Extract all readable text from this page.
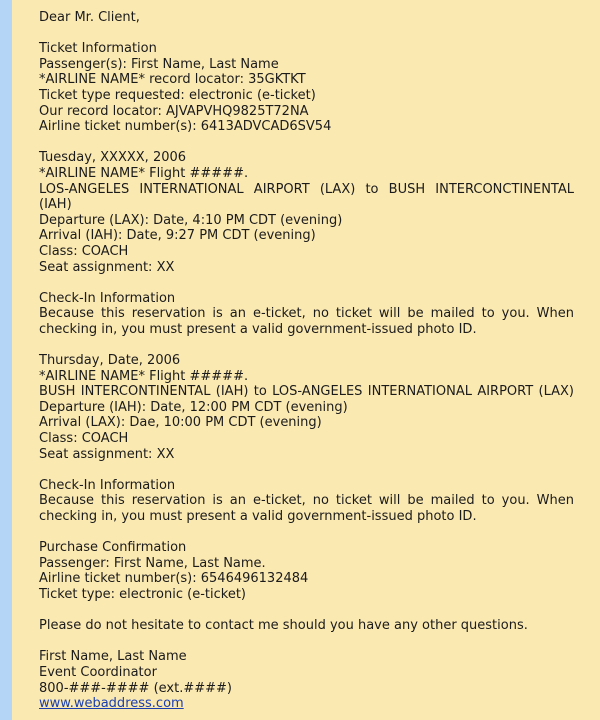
Dear Mr. Client,
Ticket Information
Passenger(s): First Name, Last Name
*AIRLINE NAME* record locator: 35GKTKT
Ticket type requested: electronic (e-ticket)
Our record locator: AJVAPVHQ9825T72NA
Airline ticket number(s): 6413ADVCAD6SV54
Tuesday, XXXXX, 2006
*AIRLINE NAME* Flight #####.
LOS-ANGELES INTERNATIONAL AIRPORT (LAX) to BUSH INTERCONCTINENTAL (IAH)
Departure (LAX): Date, 4:10 PM CDT (evening)
Arrival (IAH): Date, 9:27 PM CDT (evening)
Class: COACH
Seat assignment: XX
Check-In Information
Because this reservation is an e-ticket, no ticket will be mailed to you. When checking in, you must present a valid government-issued photo ID.
Thursday, Date, 2006
*AIRLINE NAME* Flight #####.
BUSH INTERCONTINENTAL (IAH) to LOS-ANGELES INTERNATIONAL AIRPORT (LAX) Departure (IAH): Date, 12:00 PM CDT (evening)
Arrival (LAX): Dae, 10:00 PM CDT (evening)
Class: COACH
Seat assignment: XX
Check-In Information
Because this reservation is an e-ticket, no ticket will be mailed to you. When checking in, you must present a valid government-issued photo ID.
Purchase Confirmation
Passenger: First Name, Last Name.
Airline ticket number(s): 6546496132484
Ticket type: electronic (e-ticket)
Please do not hesitate to contact me should you have any other questions.
First Name, Last Name
Event Coordinator
800-###-#### (ext.####)
www.webaddress.com
